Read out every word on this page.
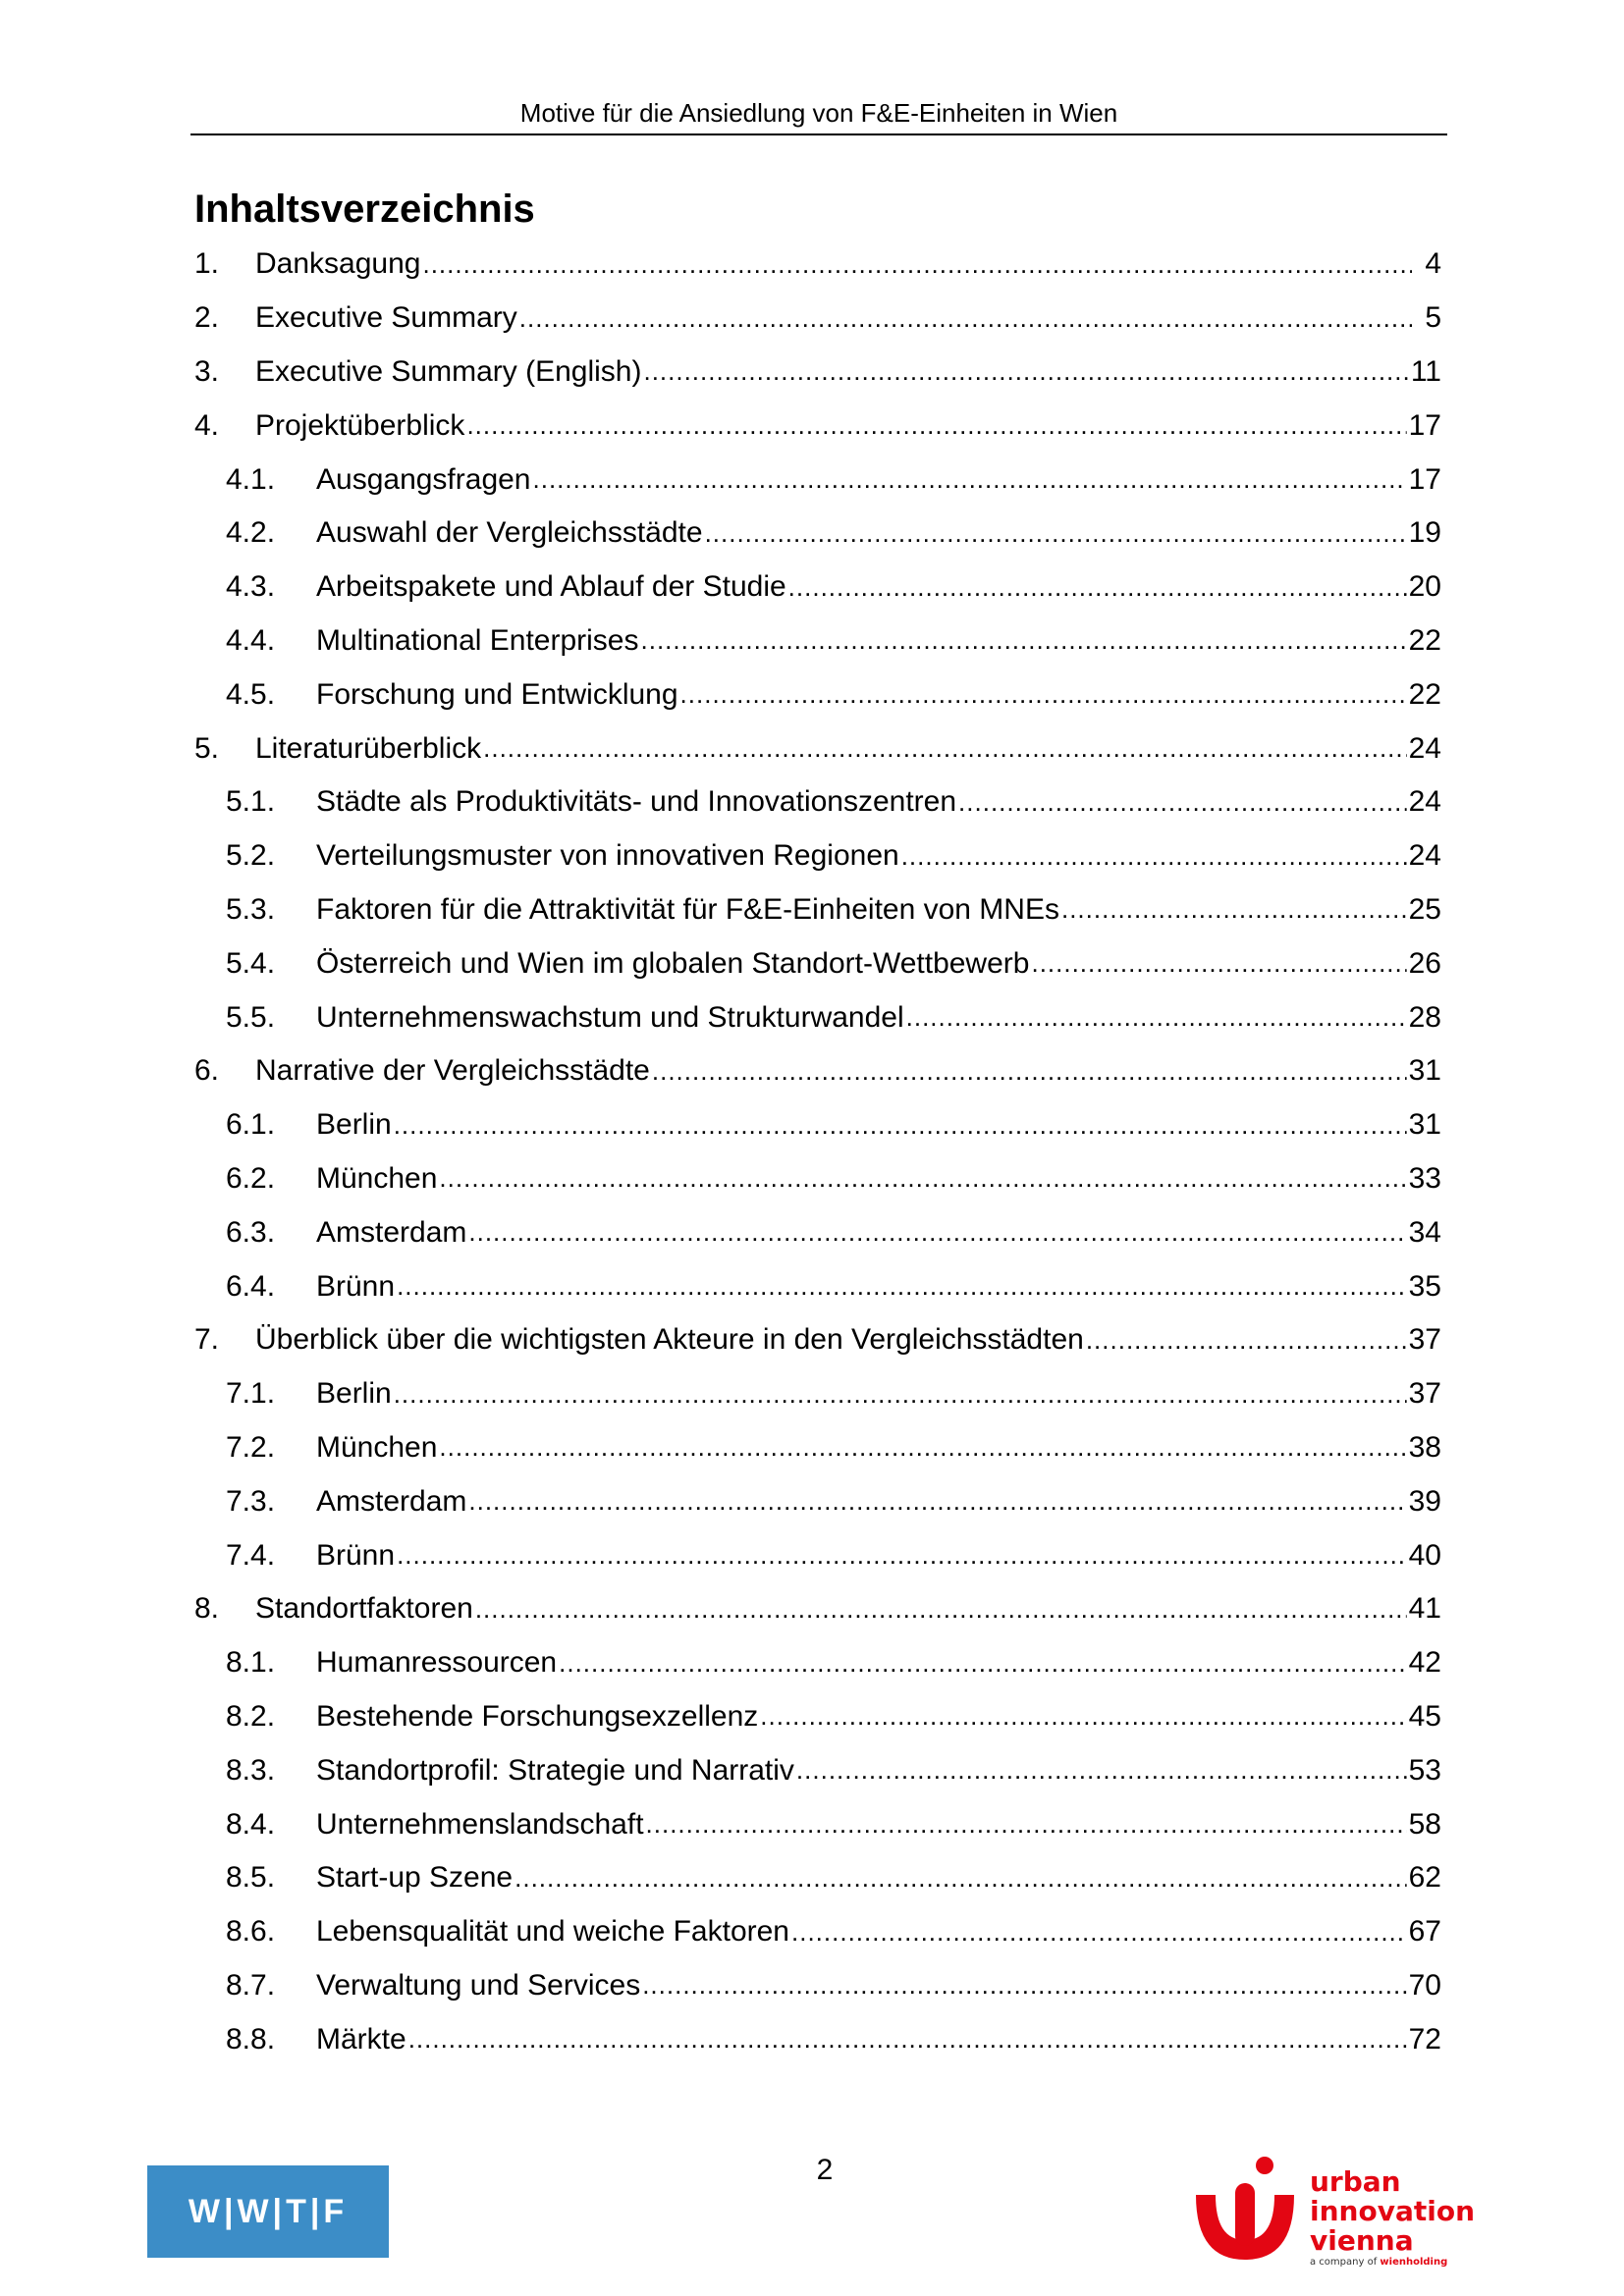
Motive für die Ansiedlung von F&E-Einheiten in Wien
Inhaltsverzeichnis
1.	Danksagung .....	4
2.	Executive Summary .....	5
3.	Executive Summary (English) .....	11
4.	Projektüberblick .....	17
4.1.	Ausgangsfragen .....	17
4.2.	Auswahl der Vergleichsstädte .....	19
4.3.	Arbeitspakete und Ablauf der Studie .....	20
4.4.	Multinational Enterprises .....	22
4.5.	Forschung und Entwicklung .....	22
5.	Literaturüberblick .....	24
5.1.	Städte als Produktivitäts- und Innovationszentren .....	24
5.2.	Verteilungsmuster von innovativen Regionen .....	24
5.3.	Faktoren für die Attraktivität für F&E-Einheiten von MNEs .....	25
5.4.	Österreich und Wien im globalen Standort-Wettbewerb .....	26
5.5.	Unternehmenswachstum und Strukturwandel .....	28
6.	Narrative der Vergleichsstädte .....	31
6.1.	Berlin .....	31
6.2.	München .....	33
6.3.	Amsterdam .....	34
6.4.	Brünn .....	35
7.	Überblick über die wichtigsten Akteure in den Vergleichsstädten .....	37
7.1.	Berlin .....	37
7.2.	München .....	38
7.3.	Amsterdam .....	39
7.4.	Brünn .....	40
8.	Standortfaktoren .....	41
8.1.	Humanressourcen .....	42
8.2.	Bestehende Forschungsexzellenz .....	45
8.3.	Standortprofil: Strategie und Narrativ .....	53
8.4.	Unternehmenslandschaft .....	58
8.5.	Start-up Szene .....	62
8.6.	Lebensqualität und weiche Faktoren .....	67
8.7.	Verwaltung und Services .....	70
8.8.	Märkte .....	72
2
W|W|T|F
urban
innovation
vienna
a company of wienholding
